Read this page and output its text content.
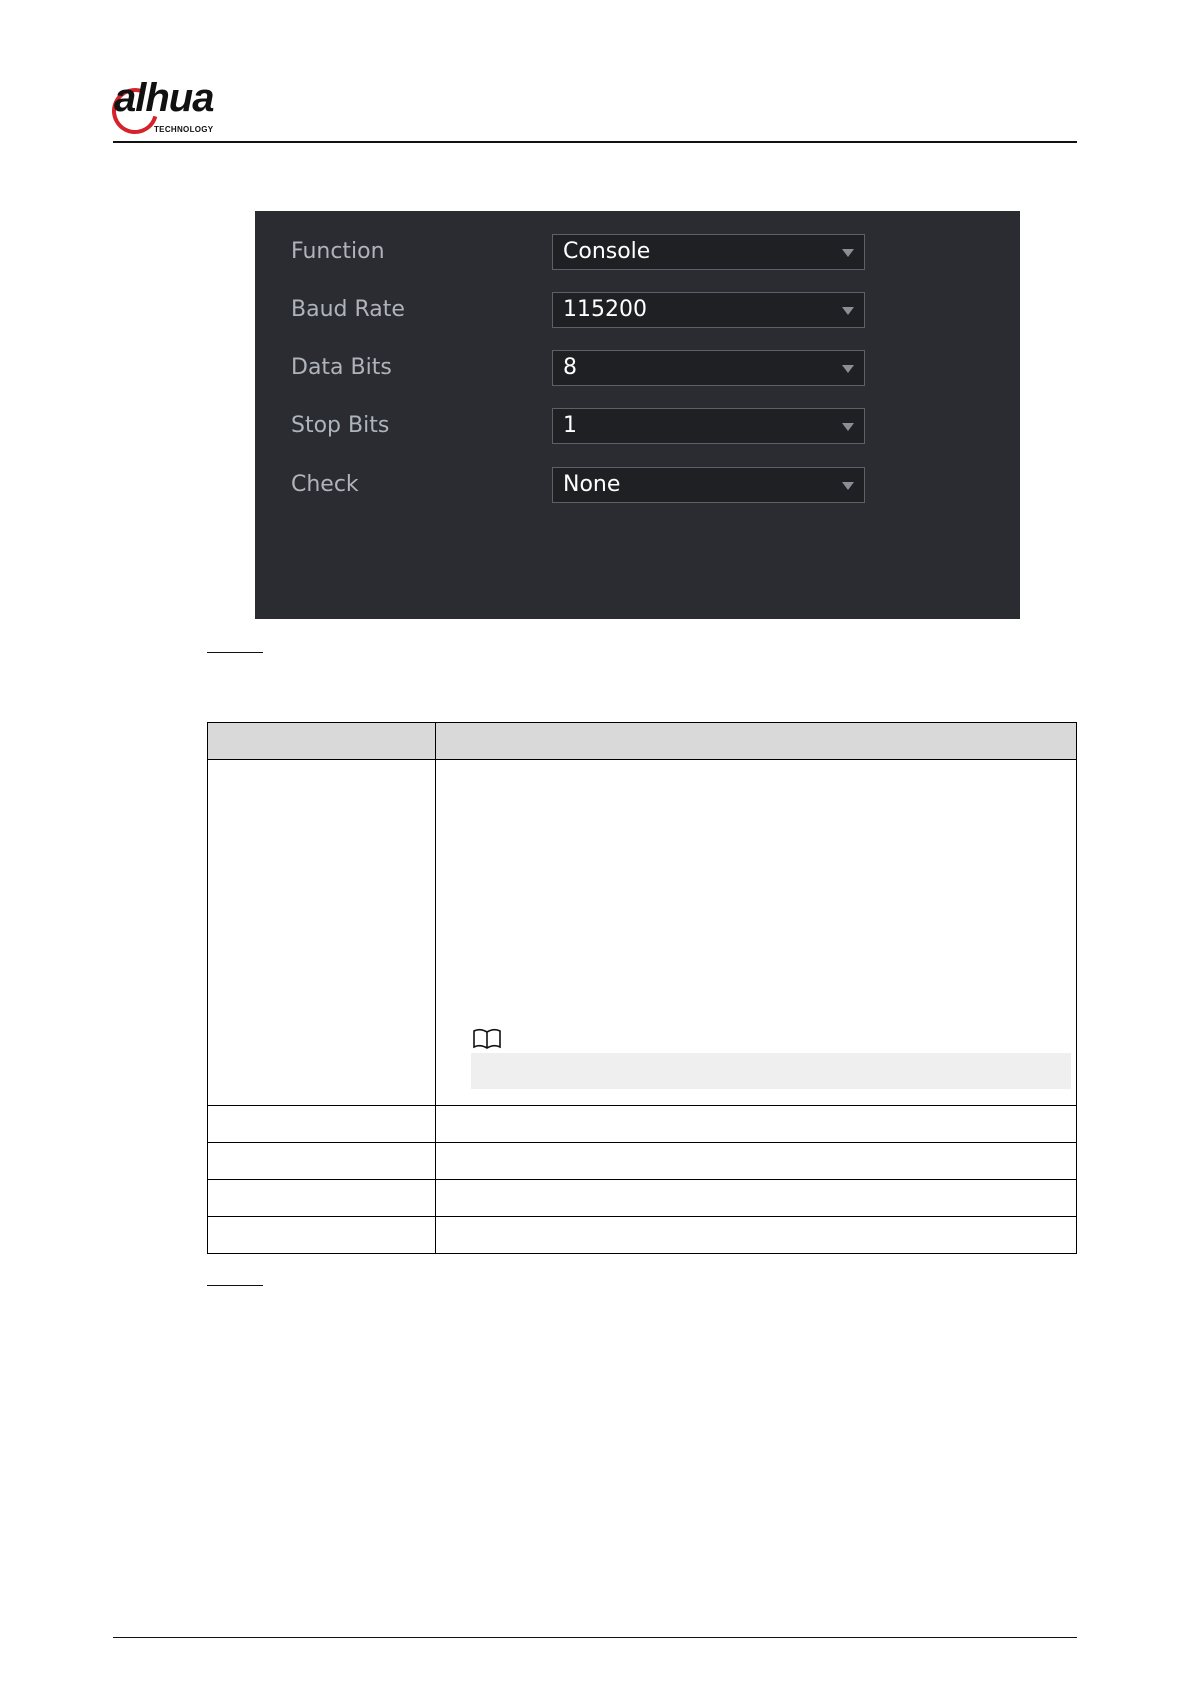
alhua
TECHNOLOGY
Function	Console
Baud Rate	115200
Data Bits	8
Stop Bits	1
Check	None
